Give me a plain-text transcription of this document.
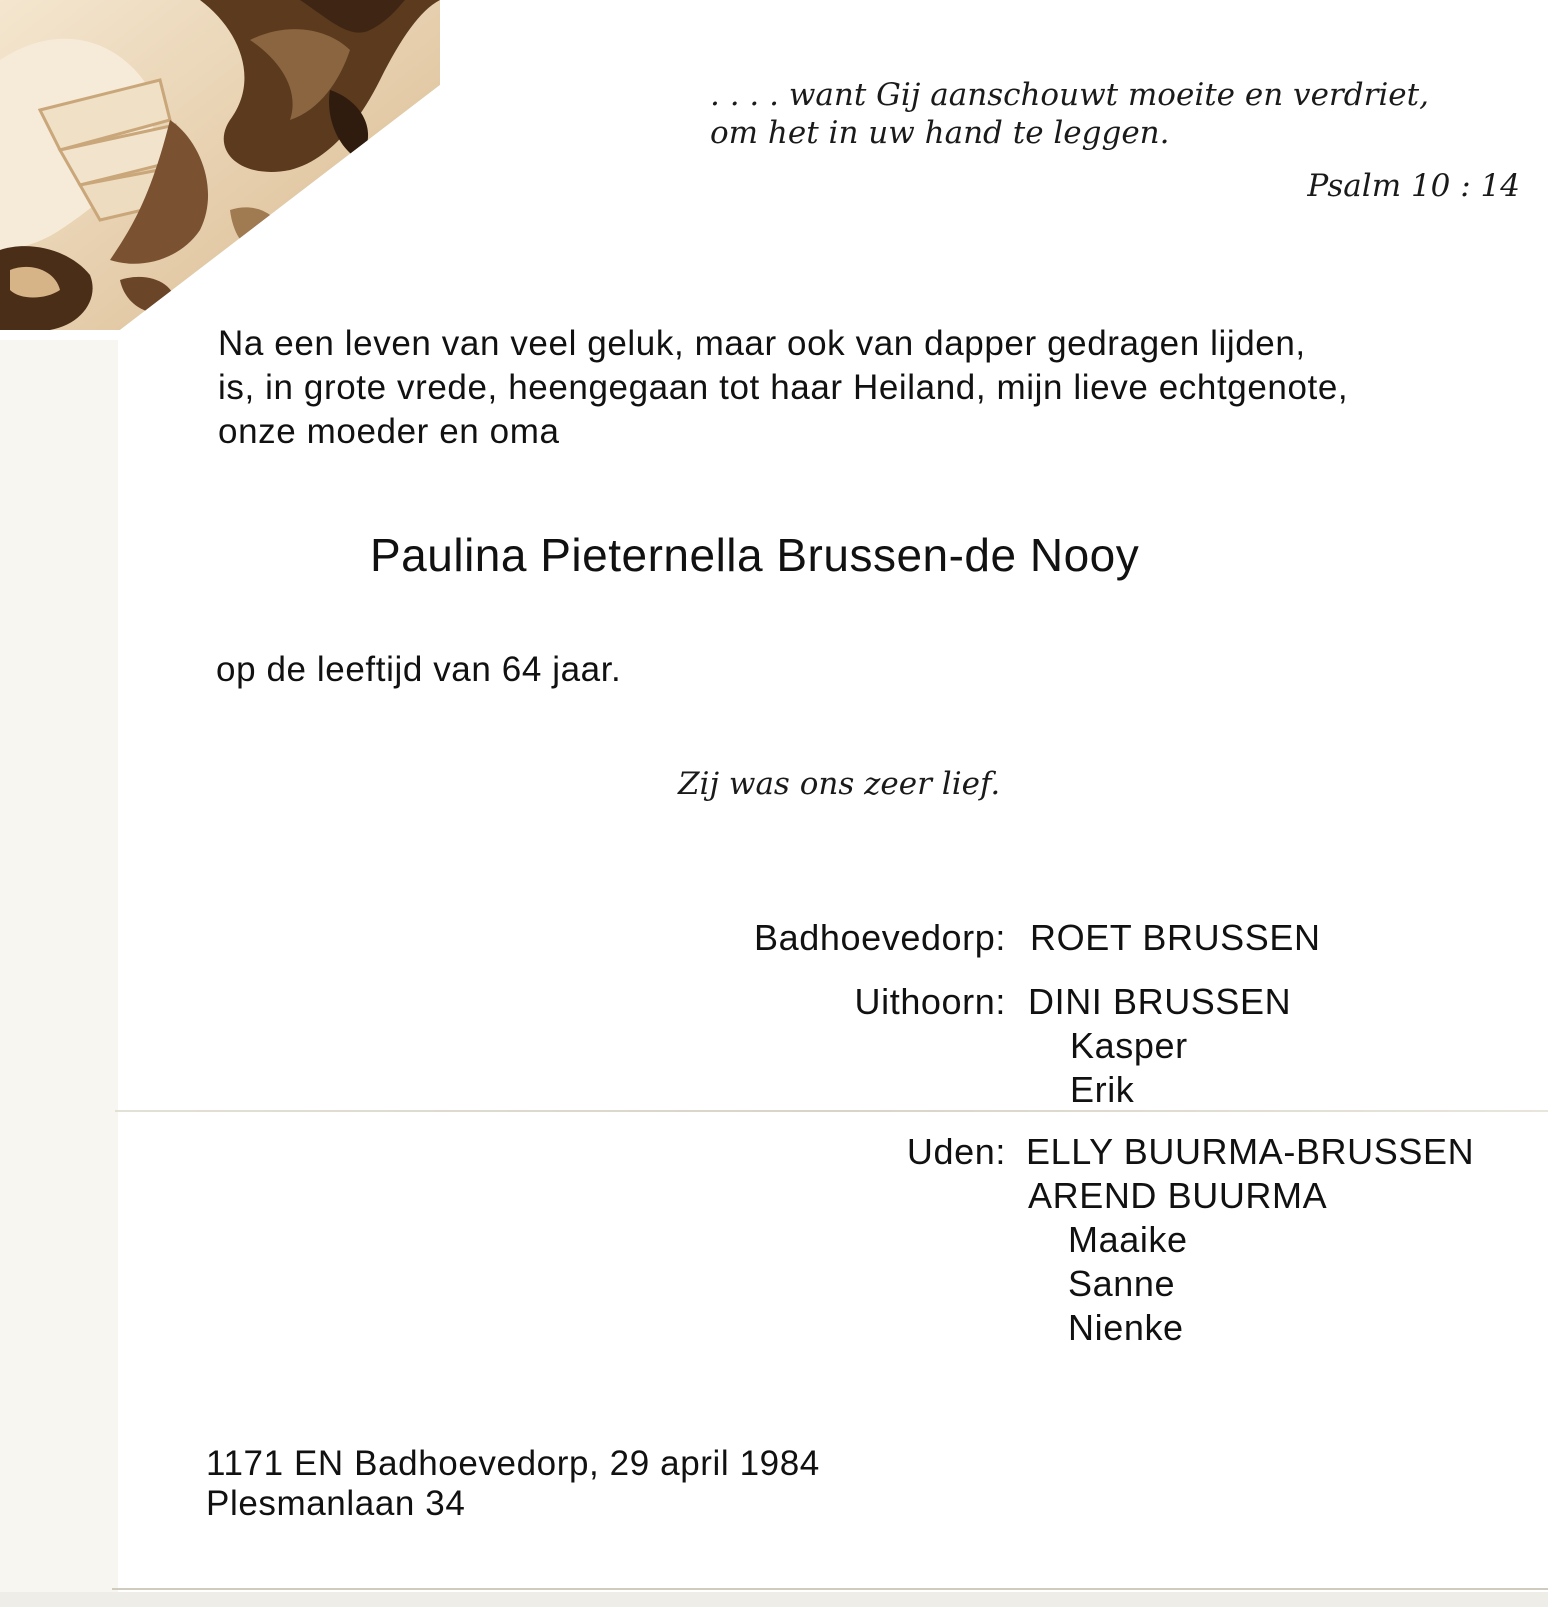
. . . . want Gij aanschouwt moeite en verdriet,
om het in uw hand te leggen.
Psalm 10 : 14
Na een leven van veel geluk, maar ook van dapper gedragen lijden,
is, in grote vrede, heengegaan tot haar Heiland, mijn lieve echtgenote,
onze moeder en oma
Paulina Pieternella Brussen-de Nooy
op de leeftijd van 64 jaar.
Zij was ons zeer lief.
Badhoevedorp: ROET BRUSSEN
Uithoorn: DINI BRUSSEN
Kasper
Erik
Uden: ELLY BUURMA-BRUSSEN
AREND BUURMA
Maaike
Sanne
Nienke
1171 EN Badhoevedorp, 29 april 1984
Plesmanlaan 34
